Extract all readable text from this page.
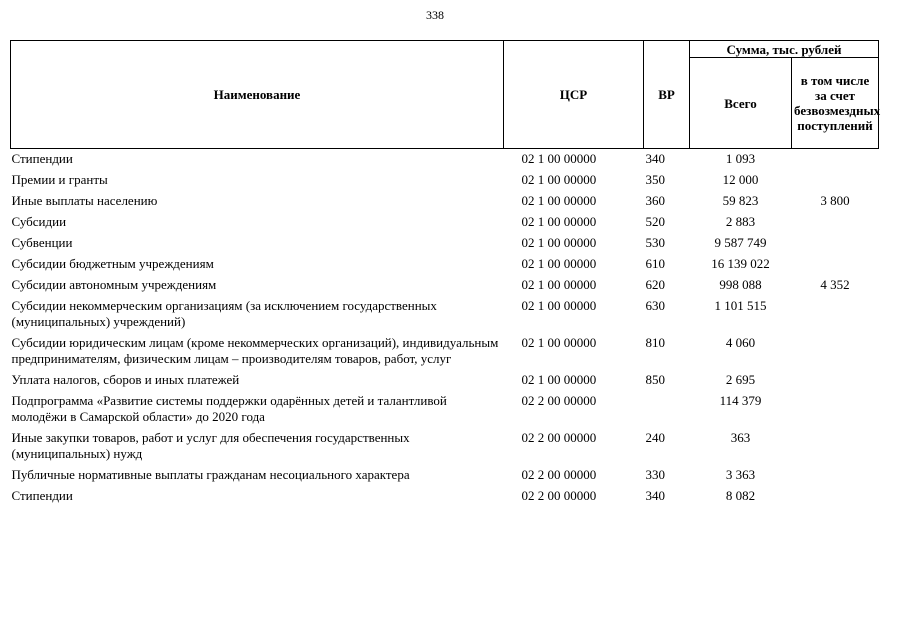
338
Наименование	ЦСР	ВР	Сумма, тыс. рублей	
			Всего	в том числе за счет безвозмездных поступлений
Стипендии	02 1 00 00000	340	1 093	
Премии и гранты	02 1 00 00000	350	12 000	
Иные выплаты населению	02 1 00 00000	360	59 823	3 800
Субсидии	02 1 00 00000	520	2 883	
Субвенции	02 1 00 00000	530	9 587 749	
Субсидии бюджетным учреждениям	02 1 00 00000	610	16 139 022	
Субсидии автономным учреждениям	02 1 00 00000	620	998 088	4 352
Субсидии некоммерческим организациям (за исключением государственных (муниципальных) учреждений)	02 1 00 00000	630	1 101 515	
Субсидии юридическим лицам (кроме некоммерческих организаций), индивидуальным предпринимателям, физическим лицам – производителям товаров, работ, услуг	02 1 00 00000	810	4 060	
Уплата налогов, сборов и иных платежей	02 1 00 00000	850	2 695	
Подпрограмма «Развитие системы поддержки одарённых детей и талантливой молодёжи в Самарской области» до 2020 года	02 2 00 00000		114 379	
Иные закупки товаров, работ и услуг для обеспечения государственных (муниципальных) нужд	02 2 00 00000	240	363	
Публичные нормативные выплаты гражданам несоциального характера	02 2 00 00000	330	3 363	
Стипендии	02 2 00 00000	340	8 082	
